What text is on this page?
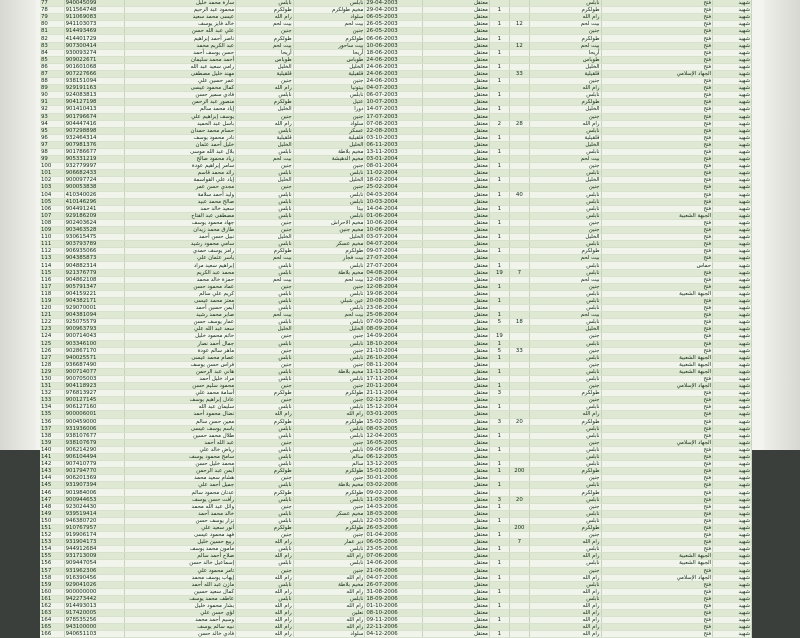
77	940045099	سارة محمد خليل	نابلس	نابلس	29-04-2003	معتقل			نابلس	فتح	شهيد
78	911564748	محمود عبد الرحيم	طولكرم	مخيم طولكرم	29-04-2003	معتقل	1		طولكرم	فتح	شهيد
79	911069083	عيسى محمد سعيد	رام الله	سلواد	06-05-2003	معتقل			رام الله	فتح	شهيد
80	941103073	خالد فايز يوسف	بيت لحم	بيت لحم	26-05-2003	معتقل	1	12	بيت لحم	فتح	شهيد
81	914493469	علي عبد الله حسن	جنين	جنين	26-05-2003	معتقل			جنين	فتح	شهيد
82	414401729	ناصر أحمد إبراهيم	طولكرم	طولكرم	06-06-2003	معتقل	1		طولكرم	فتح	شهيد
83	907300414	عبد الكريم محمد	بيت لحم	بيت ساحور	10-06-2003	معتقل		12	بيت لحم	فتح	شهيد
84	930093274	حسن يوسف أحمد	أريحا	أريحا	18-06-2003	معتقل	1		أريحا	فتح	شهيد
85	909022671	أحمد محمد سليمان	طوباس	طوباس	24-06-2003	معتقل			طوباس	فتح	شهيد
86	901601068	رامي سعيد عبد الله	الخليل	الخليل	24-06-2003	معتقل	1		الخليل	فتح	شهيد
87	907227666	مهند خليل مصطفى	قلقيلية	قلقيلية	24-06-2003	معتقل		33	قلقيلية	الجهاد الإسلامي	شهيد
88	938151094	عمر حسين علي	جنين	جنين	24-06-2003	معتقل	1		جنين	فتح	شهيد
89	929191163	كمال محمود عيسى	رام الله	بيتونيا	04-07-2003	معتقل			رام الله	فتح	شهيد
90	924083813	فادي سمير حسن	نابلس	نابلس	06-07-2003	معتقل	1		نابلس	فتح	شهيد
91	904127198	منصور عبد الرحمن	طولكرم	عتيل	10-07-2003	معتقل			طولكرم	فتح	شهيد
92	901410413	إياد محمد سالم	الخليل	دورا	14-07-2003	معتقل	1		الخليل	فتح	شهيد
93	901796674	يوسف إبراهيم علي	جنين	جنين	17-07-2003	معتقل			جنين	فتح	شهيد
94	904447416	باسل عبد الحميد	رام الله	سلواد	07-08-2003	معتقل	2	28	رام الله	فتح	شهيد
95	907298898	حسام محمد حمدان	نابلس	عسكر	22-08-2003	معتقل			نابلس	فتح	شهيد
96	932464314	نادر محمود يوسف	قلقيلية	قلقيلية	03-10-2003	معتقل	1		قلقيلية	فتح	شهيد
97	907981376	خليل أحمد عثمان	الخليل	الخليل	06-11-2003	معتقل			الخليل	فتح	شهيد
98	901786677	بلال عبد الله موسى	نابلس	مخيم بلاطة	13-11-2003	معتقل	1		نابلس	فتح	شهيد
99	905331219	زياد محمود صالح	بيت لحم	مخيم الدهيشة	03-01-2004	معتقل			بيت لحم	فتح	شهيد
100	932779997	سامر إبراهيم عودة	جنين	جنين	08-01-2004	معتقل	1		جنين	فتح	شهيد
101	906682433	رائد محمد قاسم	نابلس	نابلس	11-02-2004	معتقل			نابلس	فتح	شهيد
102	900097724	إياد علي القواسمة	الخليل	الخليل	18-02-2004	معتقل	1		الخليل	فتح	شهيد
103	900053838	مجدي حسن عمر	جنين	جنين	25-02-2004	معتقل			جنين	فتح	شهيد
104	410340026	وليد أحمد سلامة	نابلس	نابلس	04-03-2004	معتقل	1	40	نابلس	فتح	شهيد
105	410146296	صالح محمد عبيد	نابلس	نابلس	10-03-2004	معتقل			نابلس	فتح	شهيد
106	904491241	سعيد خالد حمد	نابلس	بيتا	14-04-2004	معتقل	1		نابلس	فتح	شهيد
107	929186209	مصطفى عبد الفتاح	نابلس	نابلس	01-06-2004	معتقل			نابلس	الجبهة الشعبية	شهيد
108	902403624	جهاد محمود يوسف	جنين	مخيم الاحراش	10-06-2004	معتقل	1		جنين	فتح	شهيد
109	903463528	طارق محمد زيدان	جنين	مخيم جنين	10-06-2004	معتقل			جنين	فتح	شهيد
110	930615475	نبيل حسن أحمد	الخليل	الخليل	03-07-2004	معتقل	1		الخليل	فتح	شهيد
111	903793789	سامي محمود رشيد	نابلس	مخيم عسكر	04-07-2004	معتقل			نابلس	فتح	شهيد
112	906935066	رامز يوسف حمدي	طولكرم	طولكرم	09-07-2004	معتقل	1		طولكرم	فتح	شهيد
113	904385873	ياسر عثمان علي	بيت لحم	بيت فجار	27-07-2004	معتقل			بيت لحم	فتح	شهيد
114	904882314	إبراهيم سعيد مراد	نابلس	نابلس	27-07-2004	معتقل	1		نابلس	حماس	شهيد
115	921376779	محمد عبد الكريم	نابلس	مخيم بلاطة	04-08-2004	معتقل	19	7	نابلس	فتح	شهيد
116	904862108	حمزة خالد محمد	بيت لحم	بيت لحم	12-08-2004	معتقل			بيت لحم	فتح	شهيد
117	905791347	عماد محمود حسن	جنين	جنين	12-08-2004	معتقل	1		جنين	فتح	شهيد
118	904159221	كريم علي سالم	نابلس	نابلس	19-08-2004	معتقل			نابلس	الجبهة الشعبية	شهيد
119	904382171	معتز محمد عيسى	نابلس	عين شبلي	20-08-2004	معتقل	1		نابلس	فتح	شهيد
120	929070001	أيمن حسين أحمد	نابلس	نابلس	23-08-2004	معتقل			نابلس	فتح	شهيد
121	904381094	صابر محمد رشيد	بيت لحم	بيت لحم	25-08-2004	معتقل	1		بيت لحم	فتح	شهيد
122	925075579	عمار يوسف حسن	نابلس	نابلس	07-09-2004	معتقل	5	18	نابلس	فتح	شهيد
123	900963793	سعد عبد الله علي	الخليل	الخليل	08-09-2004	معتقل			الخليل	فتح	شهيد
124	900714043	حاتم محمود خليل	جنين	جنين	14-09-2004	معتقل	19		جنين	فتح	شهيد
125	903346100	جمال أحمد نصار	نابلس	نابلس	18-10-2004	معتقل	1		نابلس	فتح	شهيد
126	902867170	ماهر سالم عودة	جنين	جنين	21-10-2004	معتقل	5	33	جنين	فتح	شهيد
127	940025571	عصام محمد عيسى	نابلس	نابلس	26-10-2004	معتقل	1		نابلس	الجبهة الشعبية	شهيد
128	936687490	فراس حسن يوسف	جنين	جنين	08-11-2004	معتقل			جنين	الجبهة الشعبية	شهيد
129	900714077	هاني عبد الرحمن	نابلس	مخيم بلاطة	11-11-2004	معتقل	1		نابلس	الجبهة الشعبية	شهيد
130	900705003	مراد خليل أحمد	نابلس	نابلس	17-11-2004	معتقل			نابلس	فتح	شهيد
131	904118923	محمود سليم حسن	جنين	جنين	20-11-2004	معتقل	1		جنين	الجهاد الإسلامي	شهيد
132	976813927	أسامة محمد علي	طولكرم	طولكرم	21-11-2004	معتقل	3		طولكرم	فتح	شهيد
133	900127145	عادل إبراهيم يوسف	جنين	جنين	02-12-2004	معتقل			جنين	فتح	شهيد
134	906127160	سليمان عبد الله	نابلس	نابلس	15-12-2004	معتقل	1		نابلس	فتح	شهيد
135	900006001	نضال محمود أحمد	رام الله	رام الله	03-01-2005	معتقل			رام الله	فتح	شهيد
136	900459000	معين حسن سالم	طولكرم	طولكرم	15-02-2005	معتقل	3	20	طولكرم	فتح	شهيد
137	931936006	باسم يوسف عيسى	نابلس	نابلس	08-03-2005	معتقل			نابلس	فتح	شهيد
138	938107677	طلال محمد حسين	نابلس	نابلس	12-04-2005	معتقل	1		نابلس	فتح	شهيد
139	938107679	عبد الله أحمد	جنين	جنين	16-05-2005	معتقل			جنين	الجهاد الإسلامي	شهيد
140	906214290	رياض خالد علي	نابلس	نابلس	09-06-2005	معتقل	1		نابلس	فتح	شهيد
141	906104494	سامح محمود يوسف	نابلس	سالم	06-12-2005	معتقل			نابلس	فتح	شهيد
142	907410779	محمد خليل حسن	نابلس	سالم	13-12-2005	معتقل	1		نابلس	فتح	شهيد
143	901794770	أيمن عبد الرحمن	طولكرم	طولكرم	15-01-2006	معتقل	1	200	طولكرم	فتح	شهيد
144	906201369	هشام سعيد محمد	جنين	جنين	30-01-2006	معتقل			جنين	فتح	شهيد
145	931907394	جميل أحمد علي	نابلس	مخيم بلاطة	03-02-2006	معتقل	1		نابلس	فتح	شهيد
146	901984006	عدنان محمود سالم	طولكرم	طولكرم	09-02-2006	معتقل			طولكرم	فتح	شهيد
147	900944653	رأفت حسن يوسف	نابلس	نابلس	11-03-2006	معتقل	3	20	نابلس	فتح	شهيد
148	923024430	وائل عبد الله محمد	جنين	جنين	14-03-2006	معتقل	1		جنين	فتح	شهيد
149	939519414	خالد محمد أحمد	نابلس	مخيم عسكر	18-03-2006	معتقل			نابلس	فتح	شهيد
150	946380720	نزار يوسف حسن	نابلس	نابلس	22-03-2006	معتقل	1		نابلس	فتح	شهيد
151	910767957	أنور سعيد علي	طولكرم	طولكرم	26-03-2006	معتقل		200	طولكرم	فتح	شهيد
152	919906174	فهد محمود عيسى	جنين	جنين	01-04-2006	معتقل	1		جنين	فتح	شهيد
153	931904173	ربيع حسين خليل	رام الله	دير عمار	06-05-2006	معتقل		7	رام الله	فتح	شهيد
154	944912684	مأمون محمد يوسف	نابلس	نابلس	23-05-2006	معتقل	1		نابلس	فتح	شهيد
155	931713009	صلاح أحمد سالم	رام الله	رام الله	07-06-2006	معتقل			رام الله	الجبهة الشعبية	شهيد
156	909447054	إسماعيل خالد حسن	نابلس	نابلس	14-06-2006	معتقل	1		نابلس	الجبهة الشعبية	شهيد
157	931962306	تامر محمود علي	جنين	جنين	21-06-2006	معتقل			جنين	فتح	شهيد
158	916390456	إيهاب يوسف محمد	رام الله	رام الله	04-07-2006	معتقل	1		رام الله	الجهاد الإسلامي	شهيد
159	929041026	مازن عبد الله أحمد	نابلس	مخيم بلاطة	26-07-2006	معتقل			نابلس	فتح	شهيد
160	900000000	كمال سعيد حسين	رام الله	رام الله	31-08-2006	معتقل	1		رام الله	فتح	شهيد
161	942273442	عاطف محمد يوسف	نابلس	نابلس	18-09-2006	معتقل			نابلس	فتح	شهيد
162	914493013	بشار محمود خليل	رام الله	رام الله	01-10-2006	معتقل	1		رام الله	فتح	شهيد
163	917420005	لؤي حسن علي	رام الله	نعلين	08-10-2006	معتقل			رام الله	فتح	شهيد
164	978535256	وسيم أحمد محمد	رام الله	رام الله	09-11-2006	معتقل	1		رام الله	فتح	شهيد
165	943100000	نبيه سالم يوسف	رام الله	رام الله	22-11-2006	معتقل			رام الله	فتح	شهيد
166	940651103	فادي خالد حسن	رام الله	سلواد	04-12-2006	معتقل	1		رام الله	فتح	شهيد
